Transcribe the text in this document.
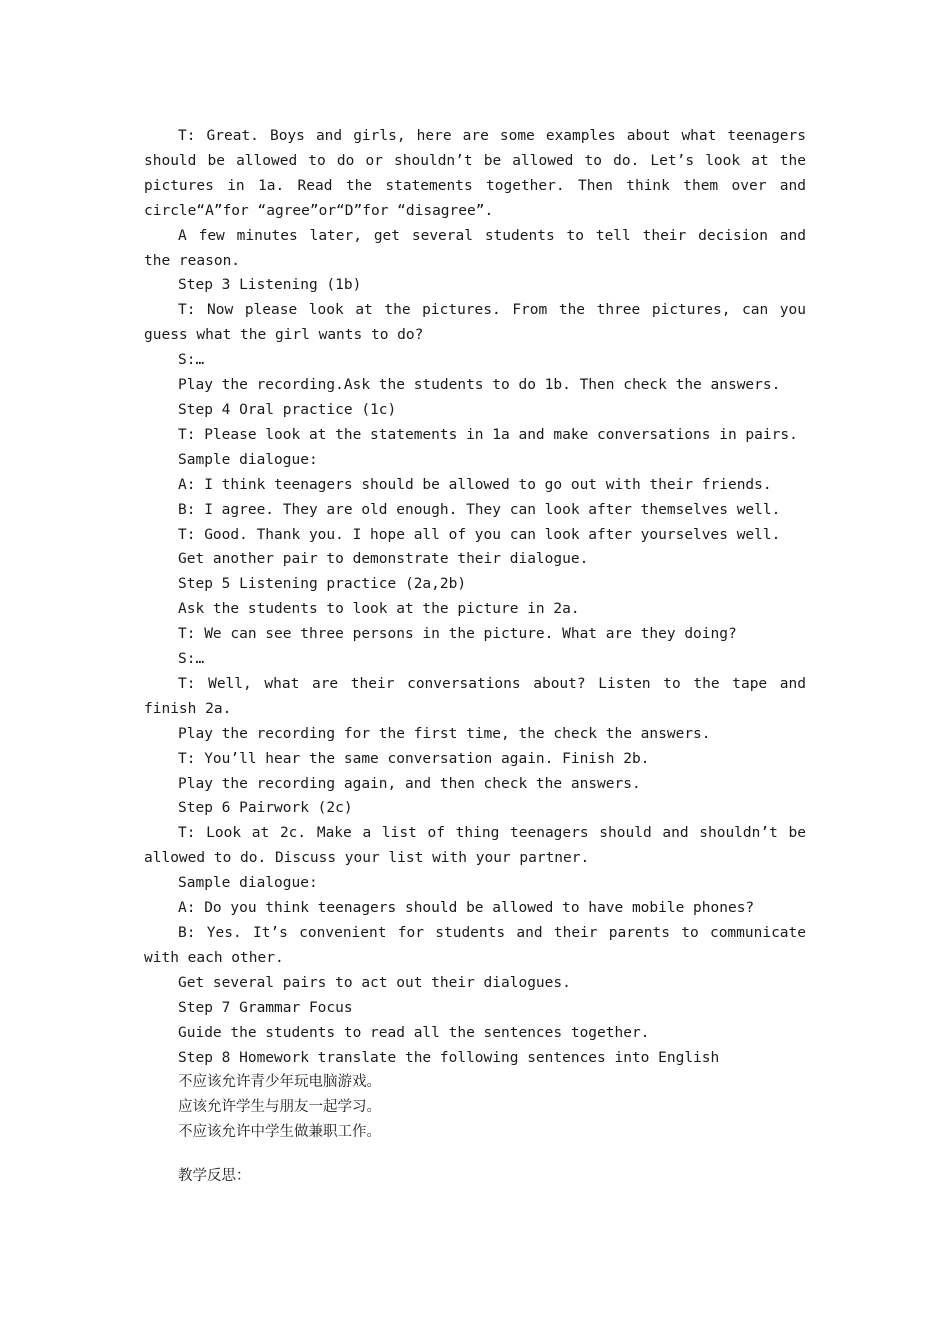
T: Great. Boys and girls, here are some examples about what teenagers should be allowed to do or shouldn’t be allowed to do. Let’s look at the pictures in 1a. Read the statements together. Then think them over and circle“A”for “agree”or“D”for “disagree”.

A few minutes later, get several students to tell their decision and the reason.

Step 3 Listening (1b)

T: Now please look at the pictures. From the three pictures, can you guess what the girl wants to do?

S:…

Play the recording.Ask the students to do 1b. Then check the answers.

Step 4 Oral practice (1c)

T: Please look at the statements in 1a and make conversations in pairs.

Sample dialogue:

A: I think teenagers should be allowed to go out with their friends.

B: I agree. They are old enough. They can look after themselves well.

T: Good. Thank you. I hope all of you can look after yourselves well.

Get another pair to demonstrate their dialogue.

Step 5 Listening practice (2a,2b)

Ask the students to look at the picture in 2a.

T: We can see three persons in the picture. What are they doing?

S:…

T: Well, what are their conversations about? Listen to the tape and finish 2a.

Play the recording for the first time, the check the answers.

T: You’ll hear the same conversation again. Finish 2b.

Play the recording again, and then check the answers.

Step 6 Pairwork (2c)

T: Look at 2c. Make a list of thing teenagers should and shouldn’t be allowed to do. Discuss your list with your partner.

Sample dialogue:

A: Do you think teenagers should be allowed to have mobile phones?

B: Yes. It’s convenient for students and their parents to communicate with each other.

Get several pairs to act out their dialogues.

Step 7 Grammar Focus

Guide the students to read all the sentences together.

Step 8 Homework translate the following sentences into English

不应该允许青少年玩电脑游戏。

应该允许学生与朋友一起学习。

不应该允许中学生做兼职工作。

教学反思：
